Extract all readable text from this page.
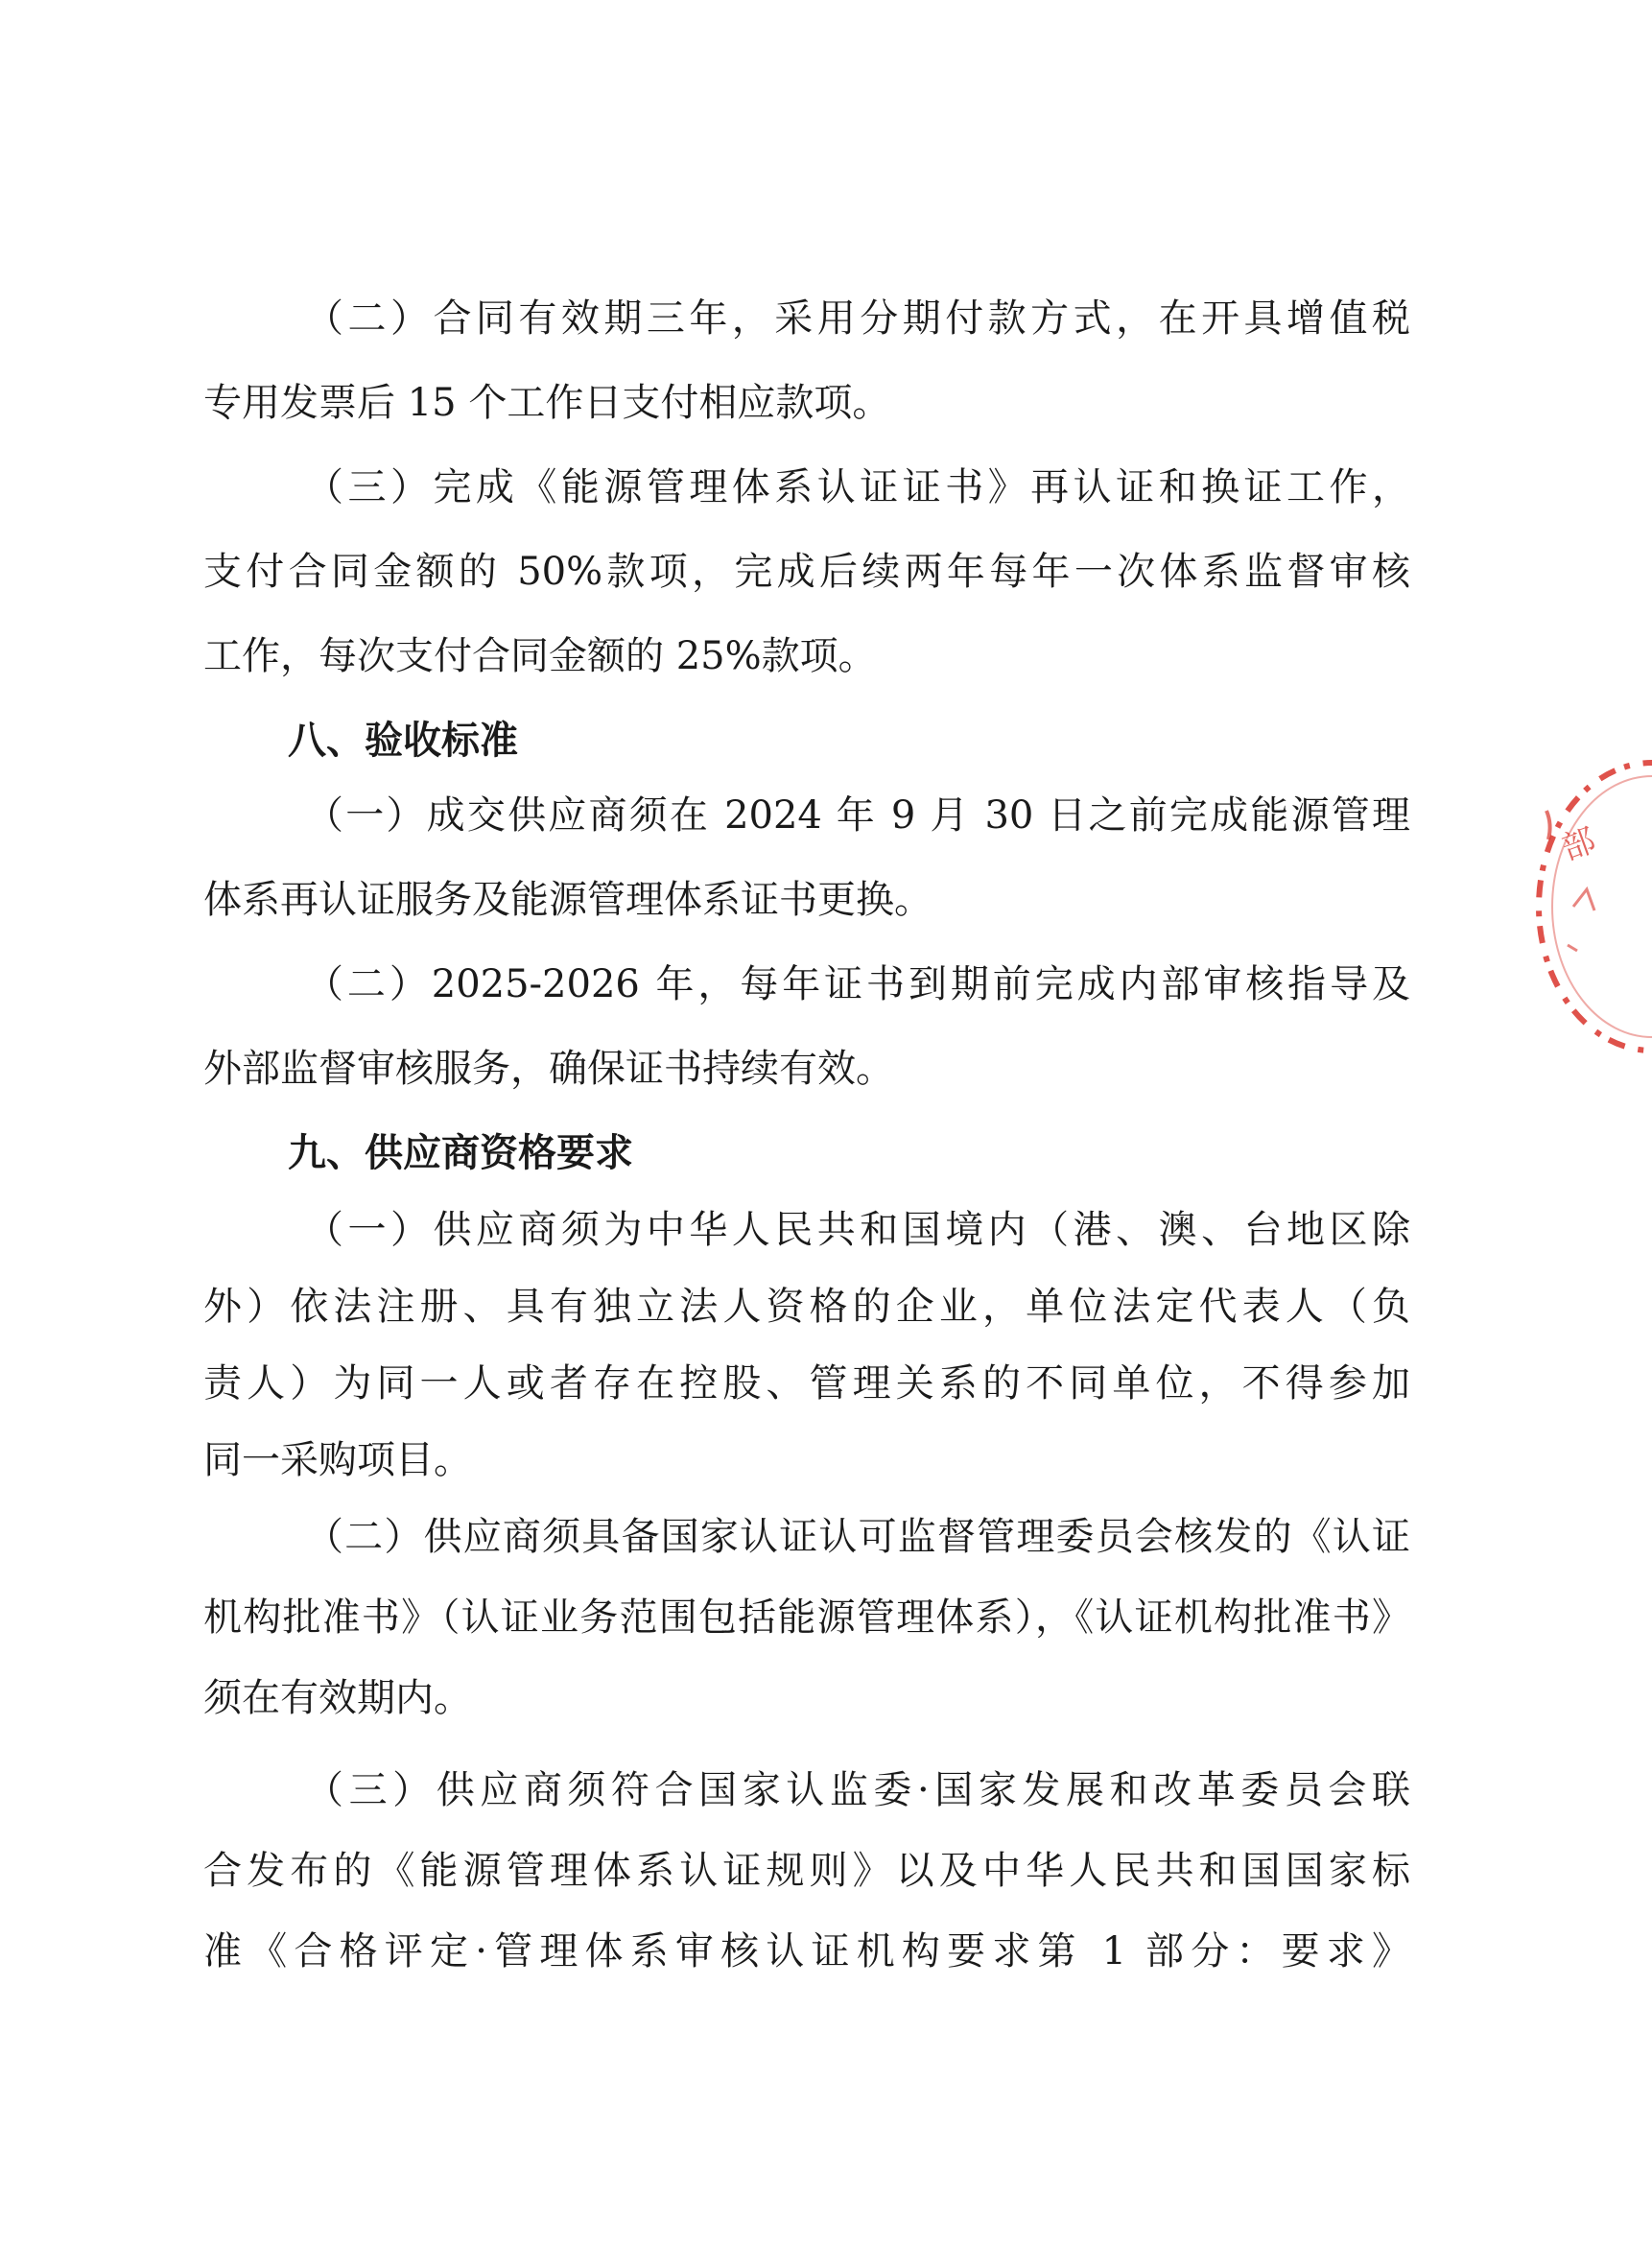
（二）合同有效期三年，采用分期付款方式，在开具增值税

专用发票后 15 个工作日支付相应款项。

（三）完成《能源管理体系认证证书》再认证和换证工作，

支付合同金额的 50%款项，完成后续两年每年一次体系监督审核

工作，每次支付合同金额的 25%款项。

八、验收标准

（一）成交供应商须在 2024 年 9 月 30 日之前完成能源管理

体系再认证服务及能源管理体系证书更换。

（二）2025-2026 年，每年证书到期前完成内部审核指导及

外部监督审核服务，确保证书持续有效。

九、供应商资格要求

（一）供应商须为中华人民共和国境内（港、澳、台地区除

外）依法注册、具有独立法人资格的企业，单位法定代表人（负

责人）为同一人或者存在控股、管理关系的不同单位，不得参加

同一采购项目。

（二）供应商须具备国家认证认可监督管理委员会核发的《认证

机构批准书》（认证业务范围包括能源管理体系），《认证机构批准书》

须在有效期内。

（三）供应商须符合国家认监委·国家发展和改革委员会联

合发布的《能源管理体系认证规则》以及中华人民共和国国家标

准《合格评定·管理体系审核认证机构要求第 1 部分：要求》

部
